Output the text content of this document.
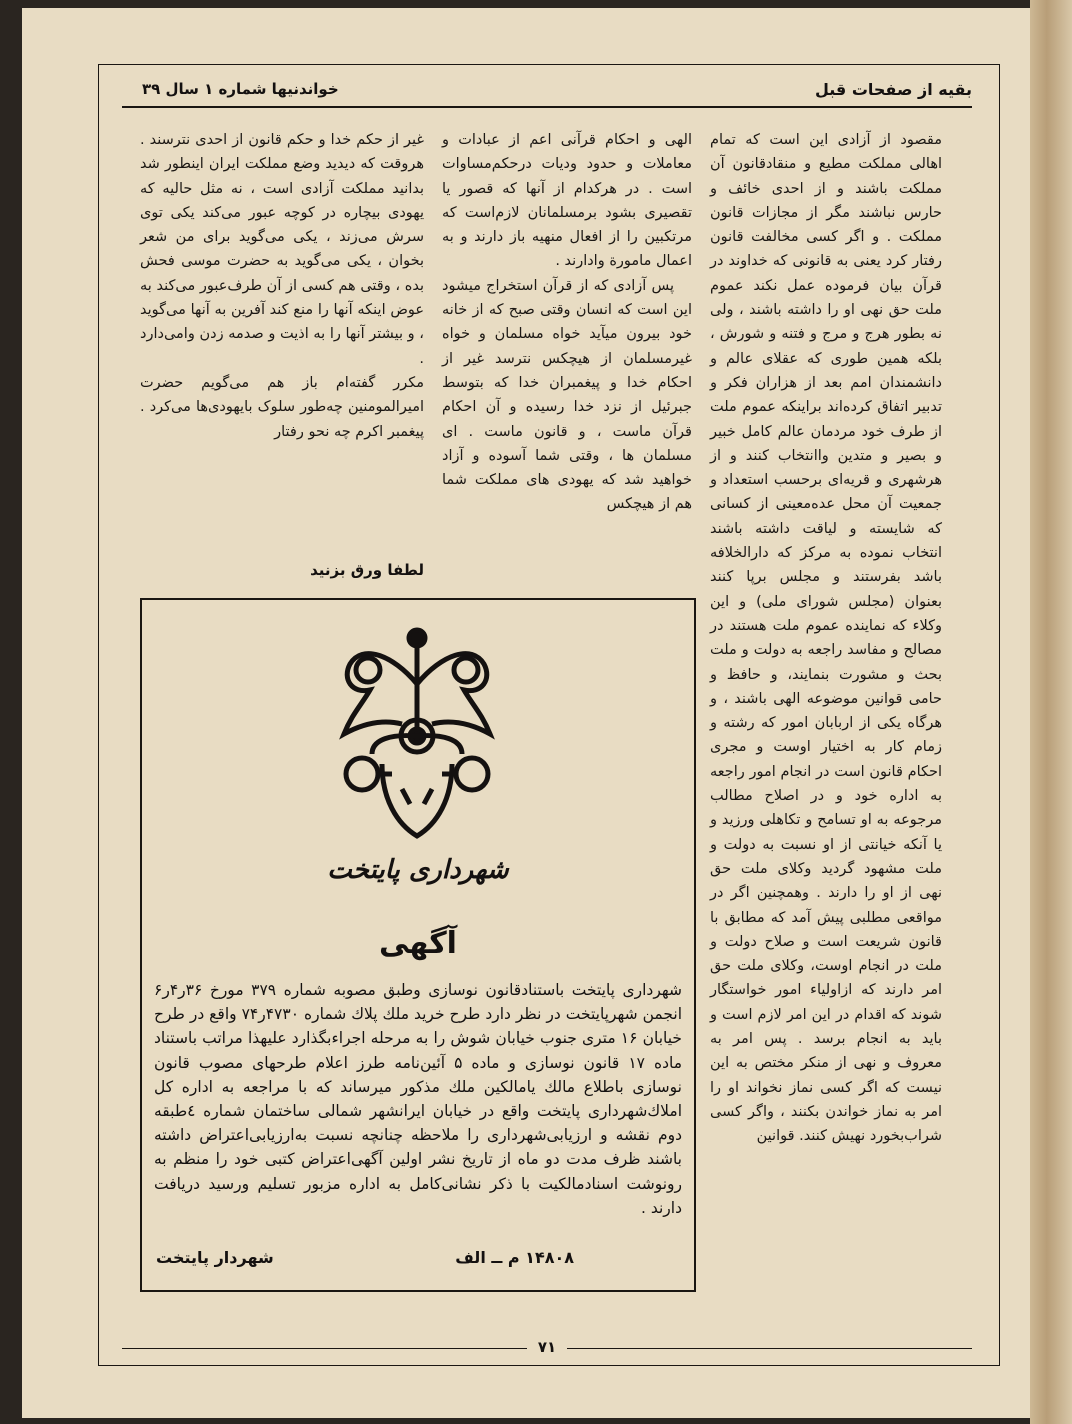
بقیه از صفحات قبل
خواندنیها شماره ۱ سال ۳۹

مقصود از آزادی این است که تمام اهالی مملکت مطیع و منقادقانون آن مملکت باشند و از احدی خائف و حارس نباشند مگر از مجازات قانون مملکت . و اگر کسی مخالفت قانون رفتار کرد یعنی به قانونی که خداوند در قرآن بیان فرموده عمل نکند عموم ملت حق نهی او را داشته باشند ، ولی نه بطور هرج و مرج و فتنه و شورش ، بلکه همین طوری که عقلای عالم و دانشمندان امم بعد از هزاران فکر و تدبیر اتفاق کرده‌اند براینکه عموم ملت از طرف خود مردمان عالم کامل خبیر و بصیر و متدین واانتخاب کنند و از هرشهری و قریه‌ای برحسب استعداد و جمعیت آن محل عده‌معینی از کسانی که شایسته و لیاقت داشته باشند انتخاب نموده به مرکز که دارالخلافه باشد بفرستند و مجلس برپا کنند بعنوان (مجلس شورای ملی) و این وکلاء که نماینده عموم ملت هستند در مصالح و مفاسد راجعه به دولت و ملت بحث و مشورت بنمایند، و حافظ و حامی قوانین موضوعه الهی باشند ، و هرگاه یکی از اربابان امور که رشته و زمام کار به اختیار اوست و مجری احکام قانون است در انجام امور راجعه به اداره خود و در اصلاح مطالب مرجوعه به او تسامح و تکاهلی ورزید و یا آنکه خیانتی از او نسبت به دولت و ملت مشهود گردید وکلای ملت حق نهی از او را دارند . وهمچنین اگر در مواقعی مطلبی پیش آمد که مطابق با قانون شریعت است و صلاح دولت و ملت در انجام اوست، وکلای ملت حق امر دارند که ازاولیاء امور خواستگار شوند که اقدام در این امر لازم است و باید به انجام برسد . پس امر به معروف و نهی از منکر مختص به این نیست که اگر کسی نماز نخواند او را امر به نماز خواندن بکنند ، واگر کسی شراب‌بخورد نهیش کنند. قوانین

الهی و احکام قرآنی اعم از عبادات و معاملات و حدود ودیات درحکم‌مساوات است . در هرکدام از آنها که قصور یا تقصیری بشود برمسلمانان لازم‌است که مرتکبین را از افعال منهیه باز دارند و به اعمال مامورة وادارند .

پس آزادی که از قرآن استخراج میشود این است که انسان وقتی صبح که از خانه خود بیرون میآید خواه مسلمان و خواه غیرمسلمان از هیچکس نترسد غیر از احکام خدا و پیغمبران خدا که بتوسط جبرئیل از نزد خدا رسیده و آن احکام قرآن ماست ، و قانون ماست . ای مسلمان ها ، وقتی شما آسوده و آزاد خواهید شد که یهودی های مملکت شما هم از هیچکس

غیر از حکم خدا و حکم قانون از احدی نترسند . هروقت که دیدید وضع مملکت ایران اینطور شد بدانید مملکت آزادی است ، نه مثل حالیه که یهودی بیچاره در کوچه عبور می‌کند یکی توی سرش می‌زند ، یکی می‌گوید برای من شعر بخوان ، یکی می‌گوید به حضرت موسی فحش بده ، وقتی هم کسی از آن طرف‌عبور می‌کند به عوض اینکه آنها را منع کند آفرین به آنها می‌گوید ، و بیشتر آنها را به اذیت و صدمه زدن وامی‌دارد .

مکرر گفته‌ام باز هم می‌گویم حضرت امیرالمومنین چه‌طور سلوک بایهودی‌ها می‌کرد . پیغمبر اکرم چه نحو رفتار

لطفا ورق بزنید
شهرداری پایتخت
آگهی
شهرداری پایتخت باستنادقانون نوسازی وطبق مصوبه شماره ۳۷۹ مورخ ۳۶ر۴ر۶ انجمن شهرپایتخت در نظر دارد طرح خرید ملك پلاك شماره ۴۷۳۰ر۷۴ واقع در طرح خیابان ۱۶ متری جنوب خیابان شوش را به مرحله اجراءبگذارد علیهذا مراتب باستناد ماده ۱۷ قانون نوسازی و ماده ۵ آئین‌نامه طرز اعلام طرحهای مصوب قانون نوسازی باطلاع مالك یامالكین ملك مذكور میرساند كه با مراجعه به اداره كل املاك‌شهرداری پایتخت واقع در خیابان ایرانشهر شمالی ساختمان شماره ٤طبقه دوم نقشه و ارزیابی‌شهرداری را ملاحظه چنانچه نسبت به‌ارزیابی‌اعتراض داشته باشند ظرف مدت دو ماه از تاریخ نشر اولین آگهی‌اعتراض كتبی خود را منظم به رونوشت اسنادمالكیت با ذكر نشانی‌كامل به اداره مزبور تسلیم ورسید دریافت دارند .
۱۴۸۰۸ م ــ الف
شهردار پایتخت
۷۱
